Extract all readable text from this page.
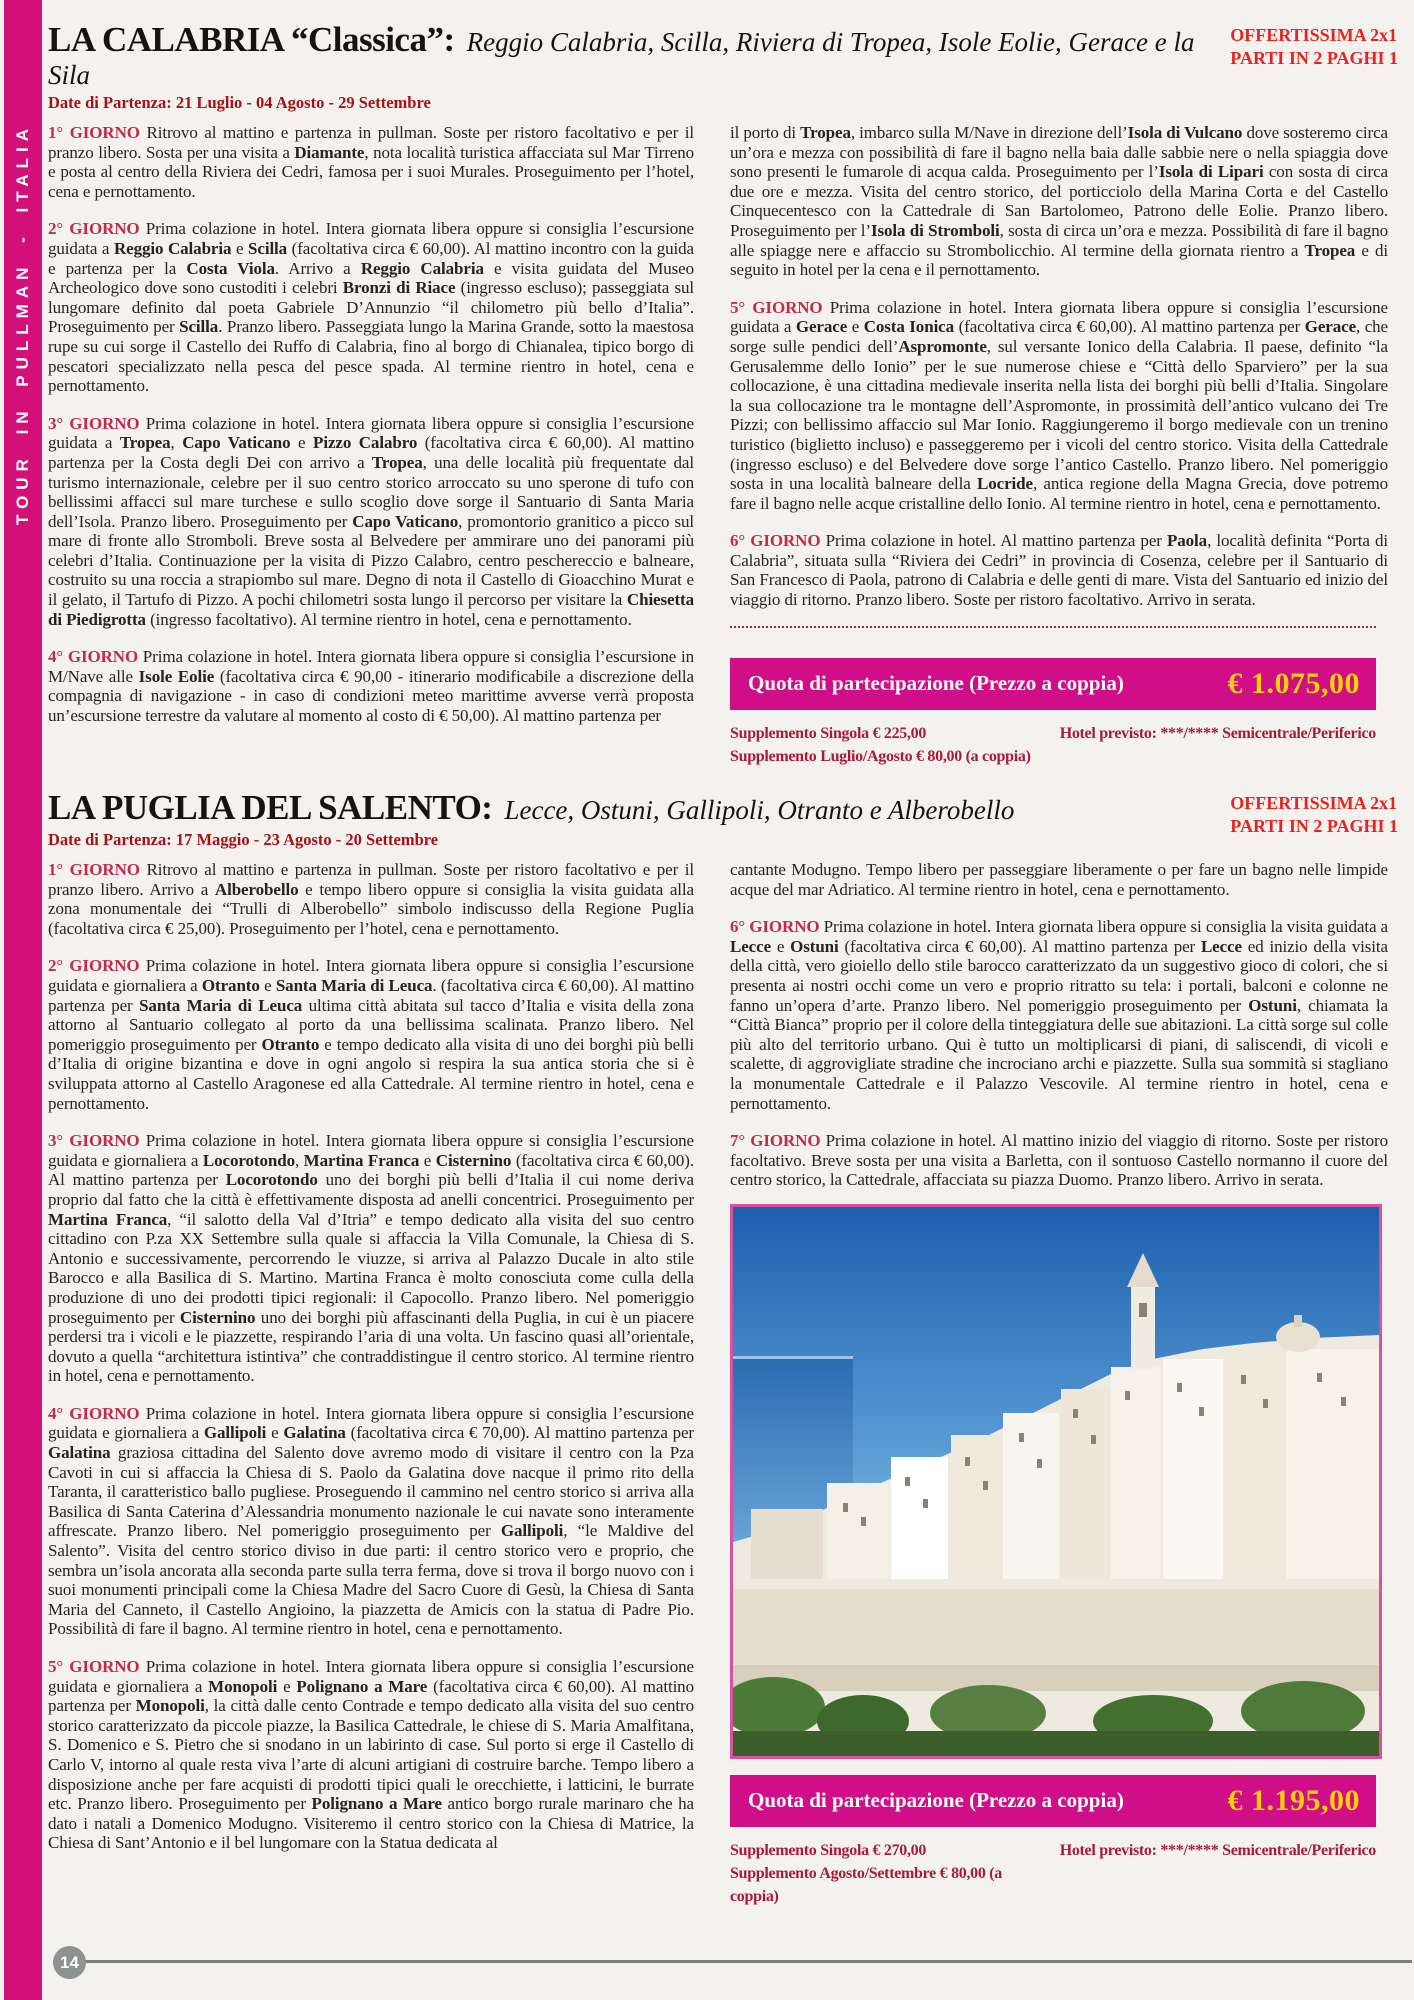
TOUR IN PULLMAN - ITALIA
LA CALABRIA “Classica”: Reggio Calabria, Scilla, Riviera di Tropea, Isole Eolie, Gerace e la Sila
Date di Partenza: 21 Luglio - 04 Agosto - 29 Settembre
OFFERTISSIMA 2x1
PARTI IN 2 PAGHI 1
1° GIORNO Ritrovo al mattino e partenza in pullman. Soste per ristoro facoltativo e per il pranzo libero. Sosta per una visita a Diamante, nota località turistica affacciata sul Mar Tirreno e posta al centro della Riviera dei Cedri, famosa per i suoi Murales. Proseguimento per l’hotel, cena e pernottamento.
2° GIORNO Prima colazione in hotel. Intera giornata libera oppure si consiglia l’escursione guidata a Reggio Calabria e Scilla (facoltativa circa € 60,00). Al mattino incontro con la guida e partenza per la Costa Viola. Arrivo a Reggio Calabria e visita guidata del Museo Archeologico dove sono custoditi i celebri Bronzi di Riace (ingresso escluso); passeggiata sul lungomare definito dal poeta Gabriele D’Annunzio “il chilometro più bello d’Italia”. Proseguimento per Scilla. Pranzo libero. Passeggiata lungo la Marina Grande, sotto la maestosa rupe su cui sorge il Castello dei Ruffo di Calabria, fino al borgo di Chianalea, tipico borgo di pescatori specializzato nella pesca del pesce spada. Al termine rientro in hotel, cena e pernottamento.
3° GIORNO Prima colazione in hotel. Intera giornata libera oppure si consiglia l’escursione guidata a Tropea, Capo Vaticano e Pizzo Calabro (facoltativa circa € 60,00). Al mattino partenza per la Costa degli Dei con arrivo a Tropea, una delle località più frequentate dal turismo internazionale, celebre per il suo centro storico arroccato su uno sperone di tufo con bellissimi affacci sul mare turchese e sullo scoglio dove sorge il Santuario di Santa Maria dell’Isola. Pranzo libero. Proseguimento per Capo Vaticano, promontorio granitico a picco sul mare di fronte allo Stromboli. Breve sosta al Belvedere per ammirare uno dei panorami più celebri d’Italia. Continuazione per la visita di Pizzo Calabro, centro peschereccio e balneare, costruito su una roccia a strapiombo sul mare. Degno di nota il Castello di Gioacchino Murat e il gelato, il Tartufo di Pizzo. A pochi chilometri sosta lungo il percorso per visitare la Chiesetta di Piedigrotta (ingresso facoltativo). Al termine rientro in hotel, cena e pernottamento.
4° GIORNO Prima colazione in hotel. Intera giornata libera oppure si consiglia l’escursione in M/Nave alle Isole Eolie (facoltativa circa € 90,00 - itinerario modificabile a discrezione della compagnia di navigazione - in caso di condizioni meteo marittime avverse verrà proposta un’escursione terrestre da valutare al momento al costo di € 50,00). Al mattino partenza per
il porto di Tropea, imbarco sulla M/Nave in direzione dell’Isola di Vulcano dove sosteremo circa un’ora e mezza con possibilità di fare il bagno nella baia dalle sabbie nere o nella spiaggia dove sono presenti le fumarole di acqua calda. Proseguimento per l’Isola di Lipari con sosta di circa due ore e mezza. Visita del centro storico, del porticciolo della Marina Corta e del Castello Cinquecentesco con la Cattedrale di San Bartolomeo, Patrono delle Eolie. Pranzo libero. Proseguimento per l’Isola di Stromboli, sosta di circa un’ora e mezza. Possibilità di fare il bagno alle spiagge nere e affaccio su Strombolicchio. Al termine della giornata rientro a Tropea e di seguito in hotel per la cena e il pernottamento.
5° GIORNO Prima colazione in hotel. Intera giornata libera oppure si consiglia l’escursione guidata a Gerace e Costa Ionica (facoltativa circa € 60,00). Al mattino partenza per Gerace, che sorge sulle pendici dell’Aspromonte, sul versante Ionico della Calabria. Il paese, definito “la Gerusalemme dello Ionio” per le sue numerose chiese e “Città dello Sparviero” per la sua collocazione, è una cittadina medievale inserita nella lista dei borghi più belli d’Italia. Singolare la sua collocazione tra le montagne dell’Aspromonte, in prossimità dell’antico vulcano dei Tre Pizzi; con bellissimo affaccio sul Mar Ionio. Raggiungeremo il borgo medievale con un trenino turistico (biglietto incluso) e passeggeremo per i vicoli del centro storico. Visita della Cattedrale (ingresso escluso) e del Belvedere dove sorge l’antico Castello. Pranzo libero. Nel pomeriggio sosta in una località balneare della Locride, antica regione della Magna Grecia, dove potremo fare il bagno nelle acque cristalline dello Ionio. Al termine rientro in hotel, cena e pernottamento.
6° GIORNO Prima colazione in hotel. Al mattino partenza per Paola, località definita “Porta di Calabria”, situata sulla “Riviera dei Cedri” in provincia di Cosenza, celebre per il Santuario di San Francesco di Paola, patrono di Calabria e delle genti di mare. Vista del Santuario ed inizio del viaggio di ritorno. Pranzo libero. Soste per ristoro facoltativo. Arrivo in serata.
Quota di partecipazione (Prezzo a coppia)	€ 1.075,00
Supplemento Singola € 225,00
Supplemento Luglio/Agosto € 80,00 (a coppia)
Hotel previsto: ***/**** Semicentrale/Periferico
LA PUGLIA DEL SALENTO: Lecce, Ostuni, Gallipoli, Otranto e Alberobello
Date di Partenza: 17 Maggio - 23 Agosto - 20 Settembre
OFFERTISSIMA 2x1
PARTI IN 2 PAGHI 1
1° GIORNO Ritrovo al mattino e partenza in pullman. Soste per ristoro facoltativo e per il pranzo libero. Arrivo a Alberobello e tempo libero oppure si consiglia la visita guidata alla zona monumentale dei “Trulli di Alberobello” simbolo indiscusso della Regione Puglia (facoltativa circa € 25,00). Proseguimento per l’hotel, cena e pernottamento.
2° GIORNO Prima colazione in hotel. Intera giornata libera oppure si consiglia l’escursione guidata e giornaliera a Otranto e Santa Maria di Leuca. (facoltativa circa € 60,00). Al mattino partenza per Santa Maria di Leuca ultima città abitata sul tacco d’Italia e visita della zona attorno al Santuario collegato al porto da una bellissima scalinata. Pranzo libero. Nel pomeriggio proseguimento per Otranto e tempo dedicato alla visita di uno dei borghi più belli d’Italia di origine bizantina e dove in ogni angolo si respira la sua antica storia che si è sviluppata attorno al Castello Aragonese ed alla Cattedrale. Al termine rientro in hotel, cena e pernottamento.
3° GIORNO Prima colazione in hotel. Intera giornata libera oppure si consiglia l’escursione guidata e giornaliera a Locorotondo, Martina Franca e Cisternino (facoltativa circa € 60,00). Al mattino partenza per Locorotondo uno dei borghi più belli d’Italia il cui nome deriva proprio dal fatto che la città è effettivamente disposta ad anelli concentrici. Proseguimento per Martina Franca, “il salotto della Val d’Itria” e tempo dedicato alla visita del suo centro cittadino con P.za XX Settembre sulla quale si affaccia la Villa Comunale, la Chiesa di S. Antonio e successivamente, percorrendo le viuzze, si arriva al Palazzo Ducale in alto stile Barocco e alla Basilica di S. Martino. Martina Franca è molto conosciuta come culla della produzione di uno dei prodotti tipici regionali: il Capocollo. Pranzo libero. Nel pomeriggio proseguimento per Cisternino uno dei borghi più affascinanti della Puglia, in cui è un piacere perdersi tra i vicoli e le piazzette, respirando l’aria di una volta. Un fascino quasi all’orientale, dovuto a quella “architettura istintiva” che contraddistingue il centro storico. Al termine rientro in hotel, cena e pernottamento.
4° GIORNO Prima colazione in hotel. Intera giornata libera oppure si consiglia l’escursione guidata e giornaliera a Gallipoli e Galatina (facoltativa circa € 70,00). Al mattino partenza per Galatina graziosa cittadina del Salento dove avremo modo di visitare il centro con la Pza Cavoti in cui si affaccia la Chiesa di S. Paolo da Galatina dove nacque il primo rito della Taranta, il caratteristico ballo pugliese. Proseguendo il cammino nel centro storico si arriva alla Basilica di Santa Caterina d’Alessandria monumento nazionale le cui navate sono interamente affrescate. Pranzo libero. Nel pomeriggio proseguimento per Gallipoli, “le Maldive del Salento”. Visita del centro storico diviso in due parti: il centro storico vero e proprio, che sembra un’isola ancorata alla seconda parte sulla terra ferma, dove si trova il borgo nuovo con i suoi monumenti principali come la Chiesa Madre del Sacro Cuore di Gesù, la Chiesa di Santa Maria del Canneto, il Castello Angioino, la piazzetta de Amicis con la statua di Padre Pio. Possibilità di fare il bagno. Al termine rientro in hotel, cena e pernottamento.
5° GIORNO Prima colazione in hotel. Intera giornata libera oppure si consiglia l’escursione guidata e giornaliera a Monopoli e Polignano a Mare (facoltativa circa € 60,00). Al mattino partenza per Monopoli, la città dalle cento Contrade e tempo dedicato alla visita del suo centro storico caratterizzato da piccole piazze, la Basilica Cattedrale, le chiese di S. Maria Amalfitana, S. Domenico e S. Pietro che si snodano in un labirinto di case. Sul porto si erge il Castello di Carlo V, intorno al quale resta viva l’arte di alcuni artigiani di costruire barche. Tempo libero a disposizione anche per fare acquisti di prodotti tipici quali le orecchiette, i latticini, le burrate etc. Pranzo libero. Proseguimento per Polignano a Mare antico borgo rurale marinaro che ha dato i natali a Domenico Modugno. Visiteremo il centro storico con la Chiesa di Matrice, la Chiesa di Sant’Antonio e il bel lungomare con la Statua dedicata al
cantante Modugno. Tempo libero per passeggiare liberamente o per fare un bagno nelle limpide acque del mar Adriatico. Al termine rientro in hotel, cena e pernottamento.
6° GIORNO Prima colazione in hotel. Intera giornata libera oppure si consiglia la visita guidata a Lecce e Ostuni (facoltativa circa € 60,00). Al mattino partenza per Lecce ed inizio della visita della città, vero gioiello dello stile barocco caratterizzato da un suggestivo gioco di colori, che si presenta ai nostri occhi come un vero e proprio ritratto su tela: i portali, balconi e colonne ne fanno un’opera d’arte. Pranzo libero. Nel pomeriggio proseguimento per Ostuni, chiamata la “Città Bianca” proprio per il colore della tinteggiatura delle sue abitazioni. La città sorge sul colle più alto del territorio urbano. Qui è tutto un moltiplicarsi di piani, di saliscendi, di vicoli e scalette, di aggrovigliate stradine che incrociano archi e piazzette. Sulla sua sommità si stagliano la monumentale Cattedrale e il Palazzo Vescovile. Al termine rientro in hotel, cena e pernottamento.
7° GIORNO Prima colazione in hotel. Al mattino inizio del viaggio di ritorno. Soste per ristoro facoltativo. Breve sosta per una visita a Barletta, con il sontuoso Castello normanno il cuore del centro storico, la Cattedrale, affacciata su piazza Duomo. Pranzo libero. Arrivo in serata.
Quota di partecipazione (Prezzo a coppia)	€ 1.195,00
Supplemento Singola € 270,00
Supplemento Agosto/Settembre € 80,00 (a coppia)
Hotel previsto: ***/**** Semicentrale/Periferico
14
